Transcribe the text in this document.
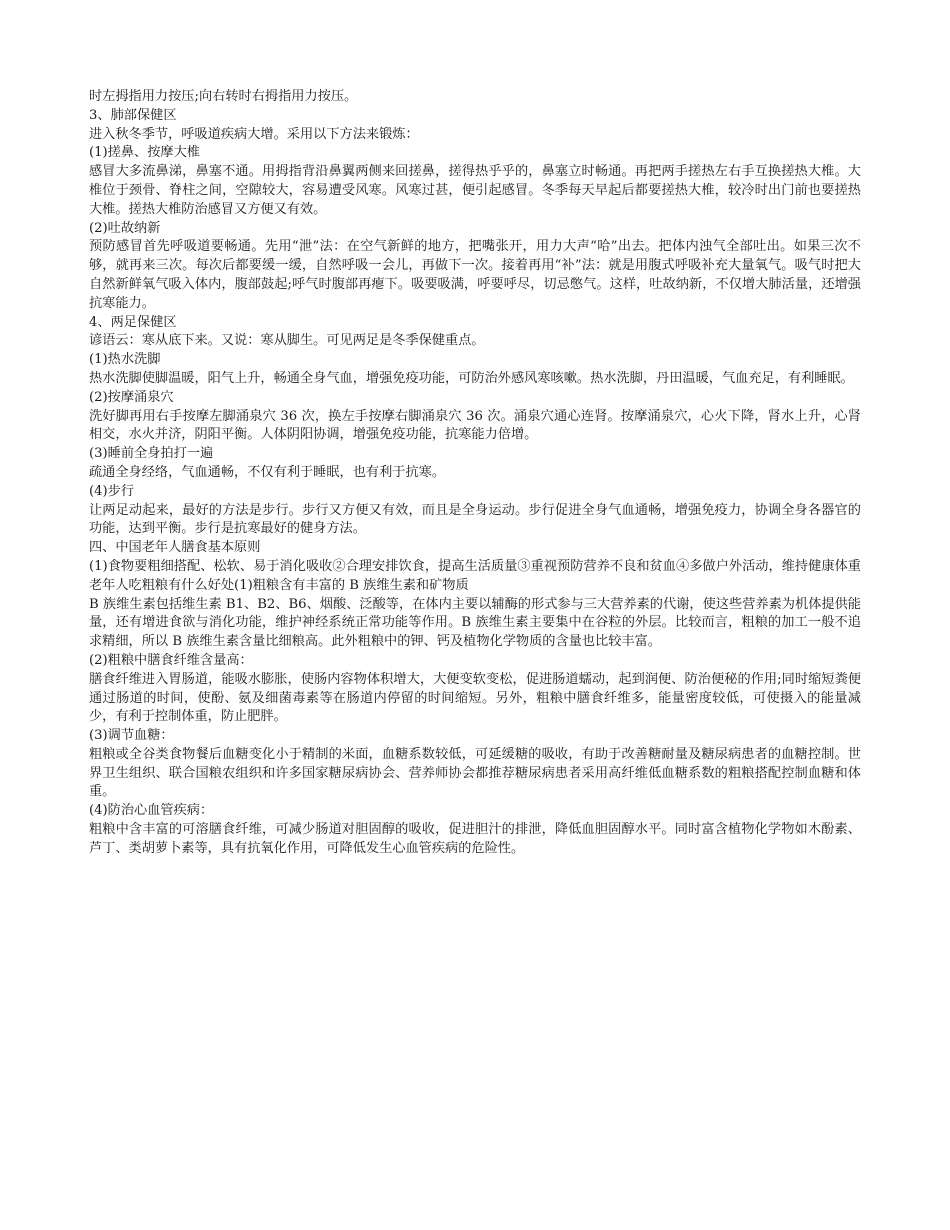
时左拇指用力按压;向右转时右拇指用力按压。
3、肺部保健区
进入秋冬季节，呼吸道疾病大增。采用以下方法来锻炼：
(1)搓鼻、按摩大椎
感冒大多流鼻涕，鼻塞不通。用拇指背沿鼻翼两侧来回搓鼻，搓得热乎乎的，鼻塞立时畅通。再把两手搓热左右手互换搓热大椎。大椎位于颈骨、脊柱之间，空隙较大，容易遭受风寒。风寒过甚，便引起感冒。冬季每天早起后都要搓热大椎，较冷时出门前也要搓热大椎。搓热大椎防治感冒又方便又有效。
(2)吐故纳新
预防感冒首先呼吸道要畅通。先用“泄”法：在空气新鲜的地方，把嘴张开，用力大声“哈”出去。把体内浊气全部吐出。如果三次不够，就再来三次。每次后都要缓一缓，自然呼吸一会儿，再做下一次。接着再用“补”法：就是用腹式呼吸补充大量氧气。吸气时把大自然新鲜氧气吸入体内，腹部鼓起;呼气时腹部再瘪下。吸要吸满，呼要呼尽，切忌憋气。这样，吐故纳新，不仅增大肺活量，还增强抗寒能力。
4、两足保健区
谚语云：寒从底下来。又说：寒从脚生。可见两足是冬季保健重点。
(1)热水洗脚
热水洗脚使脚温暖，阳气上升，畅通全身气血，增强免疫功能，可防治外感风寒咳嗽。热水洗脚，丹田温暖，气血充足，有利睡眠。
(2)按摩涌泉穴
洗好脚再用右手按摩左脚涌泉穴 36 次，换左手按摩右脚涌泉穴 36 次。涌泉穴通心连肾。按摩涌泉穴，心火下降，肾水上升，心肾相交，水火并济，阴阳平衡。人体阴阳协调，增强免疫功能，抗寒能力倍增。
(3)睡前全身拍打一遍
疏通全身经络，气血通畅，不仅有利于睡眠，也有利于抗寒。
(4)步行
让两足动起来，最好的方法是步行。步行又方便又有效，而且是全身运动。步行促进全身气血通畅，增强免疫力，协调全身各器官的功能，达到平衡。步行是抗寒最好的健身方法。
四、中国老年人膳食基本原则
(1)食物要粗细搭配、松软、易于消化吸收②合理安排饮食，提高生活质量③重视预防营养不良和贫血④多做户外活动，维持健康体重老年人吃粗粮有什么好处(1)粗粮含有丰富的 B 族维生素和矿物质
B 族维生素包括维生素 B1、B2、B6、烟酸、泛酸等，在体内主要以辅酶的形式参与三大营养素的代谢，使这些营养素为机体提供能量，还有增进食欲与消化功能，维护神经系统正常功能等作用。B 族维生素主要集中在谷粒的外层。比较而言，粗粮的加工一般不追求精细，所以 B 族维生素含量比细粮高。此外粗粮中的钾、钙及植物化学物质的含量也比较丰富。
(2)粗粮中膳食纤维含量高：
膳食纤维进入胃肠道，能吸水膨胀，使肠内容物体积增大，大便变软变松，促进肠道蠕动，起到润便、防治便秘的作用;同时缩短粪便通过肠道的时间，使酚、氨及细菌毒素等在肠道内停留的时间缩短。另外，粗粮中膳食纤维多，能量密度较低，可使摄入的能量减少，有利于控制体重，防止肥胖。
(3)调节血糖：
粗粮或全谷类食物餐后血糖变化小于精制的米面，血糖系数较低，可延缓糖的吸收，有助于改善糖耐量及糖尿病患者的血糖控制。世界卫生组织、联合国粮农组织和许多国家糖尿病协会、营养师协会都推荐糖尿病患者采用高纤维低血糖系数的粗粮搭配控制血糖和体重。
(4)防治心血管疾病：
粗粮中含丰富的可溶膳食纤维，可减少肠道对胆固醇的吸收，促进胆汁的排泄，降低血胆固醇水平。同时富含植物化学物如木酚素、芦丁、类胡萝卜素等，具有抗氧化作用，可降低发生心血管疾病的危险性。
